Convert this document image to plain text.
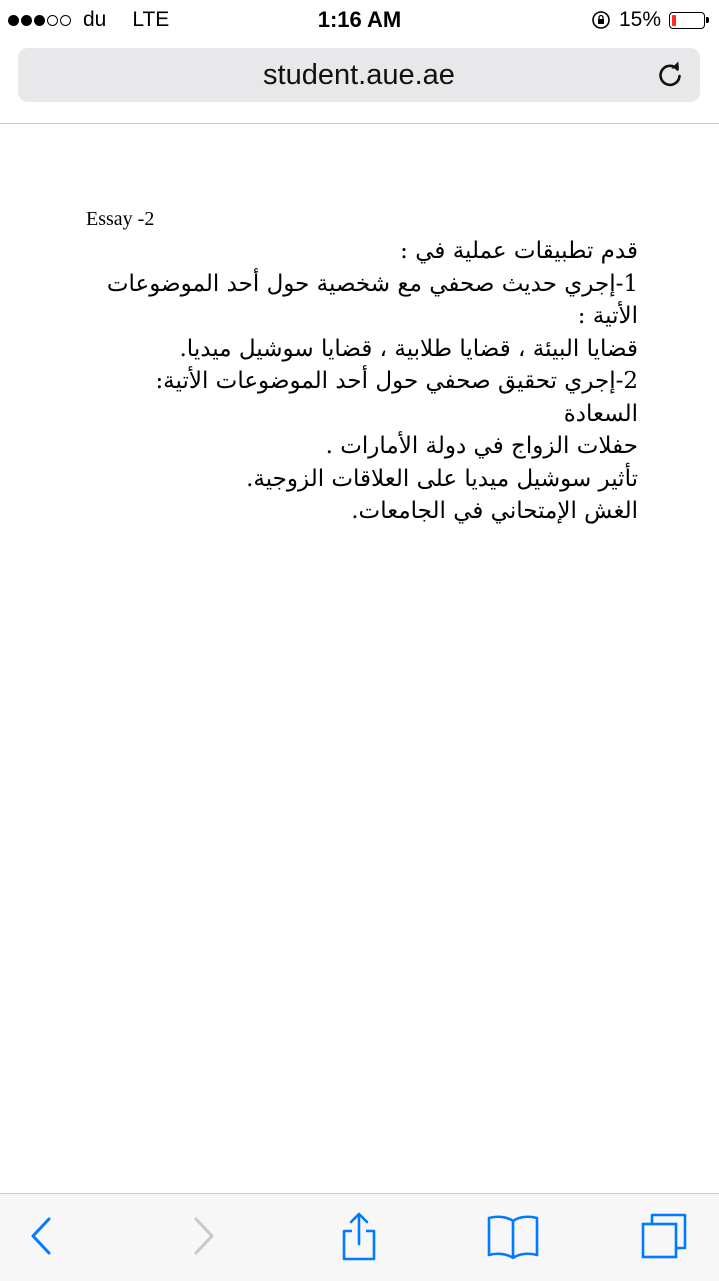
du LTE	1:16 AM	15%
student.aue.ae
Essay -2
قدم تطبيقات عملية في :
1-إجري حديث صحفي مع شخصية حول أحد الموضوعات
الأتية :
قضايا البيئة ، قضايا طلابية ، قضايا سوشيل ميديا.
2-إجري تحقيق صحفي حول أحد الموضوعات الأتية:
السعادة
حفلات الزواج في دولة الأمارات .
تأثير سوشيل ميديا على العلاقات الزوجية.
الغش الإمتحاني في الجامعات.
